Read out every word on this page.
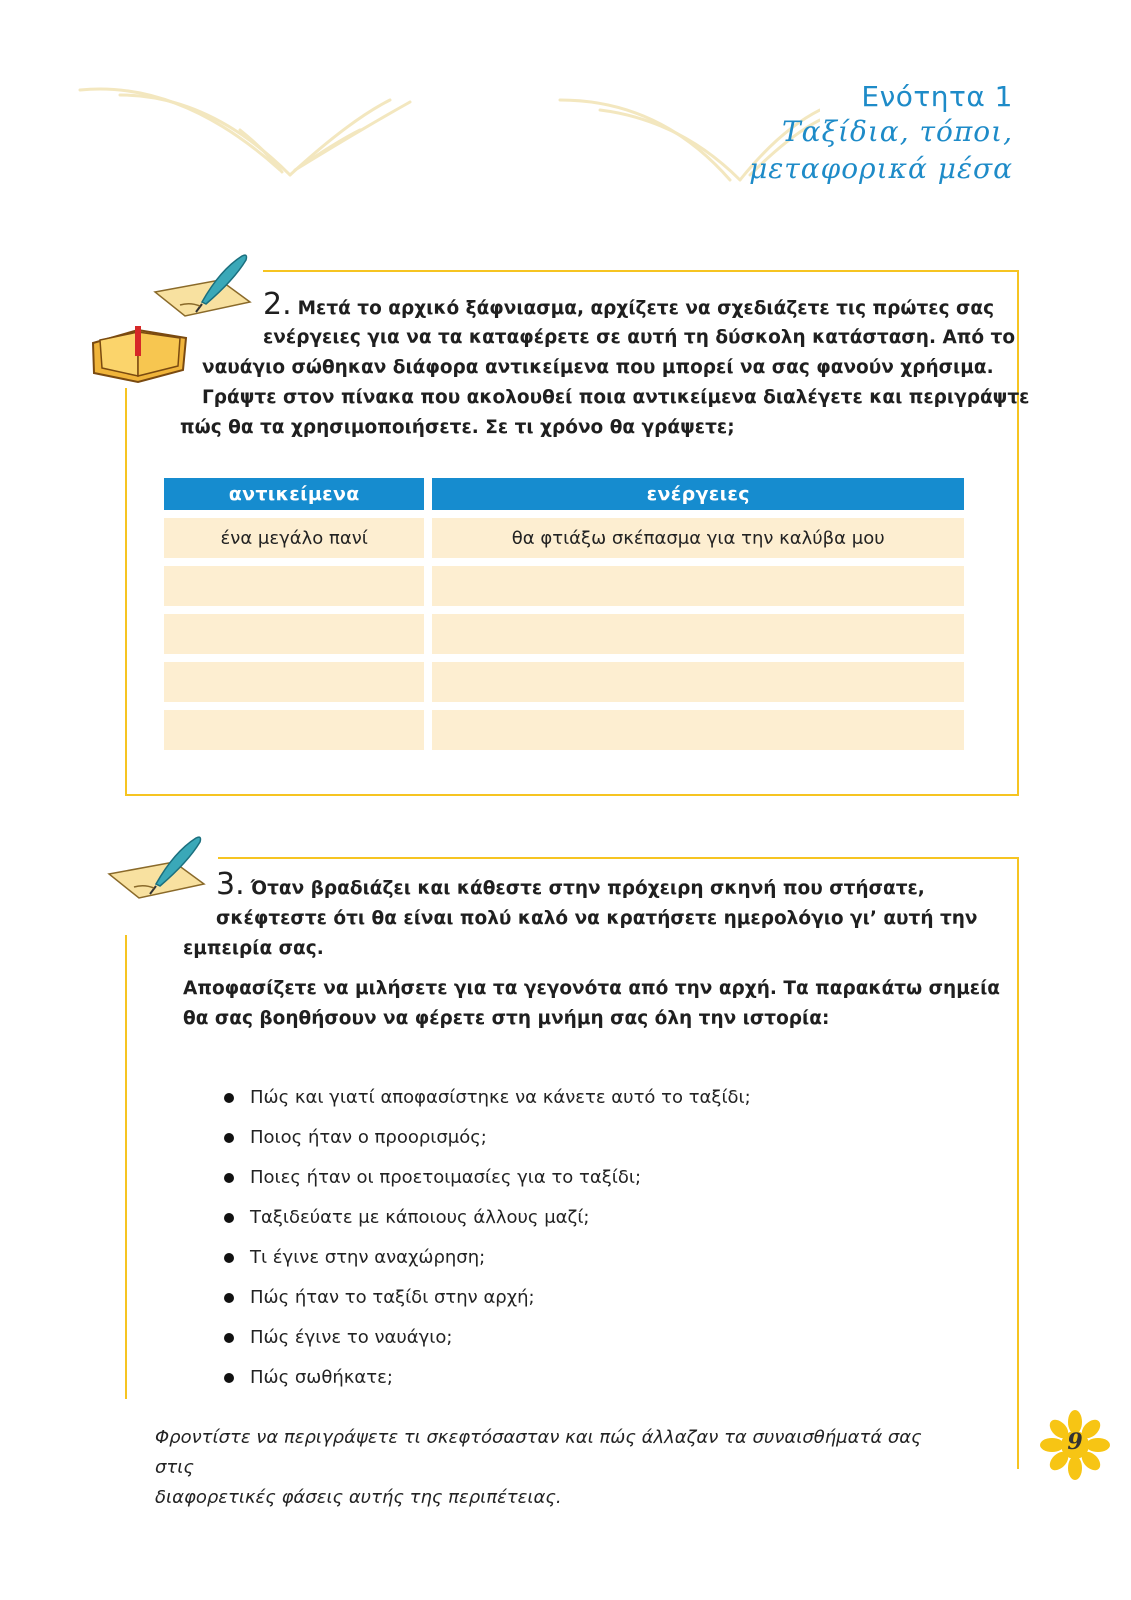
Ενότητα 1
Ταξίδια, τόποι,
μεταφορικά μέσα
2. Μετά το αρχικό ξάφνιασμα, αρχίζετε να σχεδιάζετε τις πρώτες σας
ενέργειες για να τα καταφέρετε σε αυτή τη δύσκολη κατάσταση. Από το
ναυάγιο σώθηκαν διάφορα αντικείμενα που μπορεί να σας φανούν χρήσιμα.
Γράψτε στον πίνακα που ακολουθεί ποια αντικείμενα διαλέγετε και περιγράψτε
πώς θα τα χρησιμοποιήσετε. Σε τι χρόνο θα γράψετε;
αντικείμενα	ενέργειες
ένα μεγάλο πανί	θα φτιάξω σκέπασμα για την καλύβα μου

3. Όταν βραδιάζει και κάθεστε στην πρόχειρη σκηνή που στήσατε,
σκέφτεστε ότι θα είναι πολύ καλό να κρατήσετε ημερολόγιο γι’ αυτή την
εμπειρία σας.
Αποφασίζετε να μιλήσετε για τα γεγονότα από την αρχή. Τα παρακάτω σημεία
θα σας βοηθήσουν να φέρετε στη μνήμη σας όλη την ιστορία:
Πώς και γιατί αποφασίστηκε να κάνετε αυτό το ταξίδι;
Ποιος ήταν ο προορισμός;
Ποιες ήταν οι προετοιμασίες για το ταξίδι;
Ταξιδεύατε με κάποιους άλλους μαζί;
Τι έγινε στην αναχώρηση;
Πώς ήταν το ταξίδι στην αρχή;
Πώς έγινε το ναυάγιο;
Πώς σωθήκατε;
Φροντίστε να περιγράψετε τι σκεφτόσασταν και πώς άλλαζαν τα συναισθήματά σας στις
διαφορετικές φάσεις αυτής της περιπέτειας.
9
